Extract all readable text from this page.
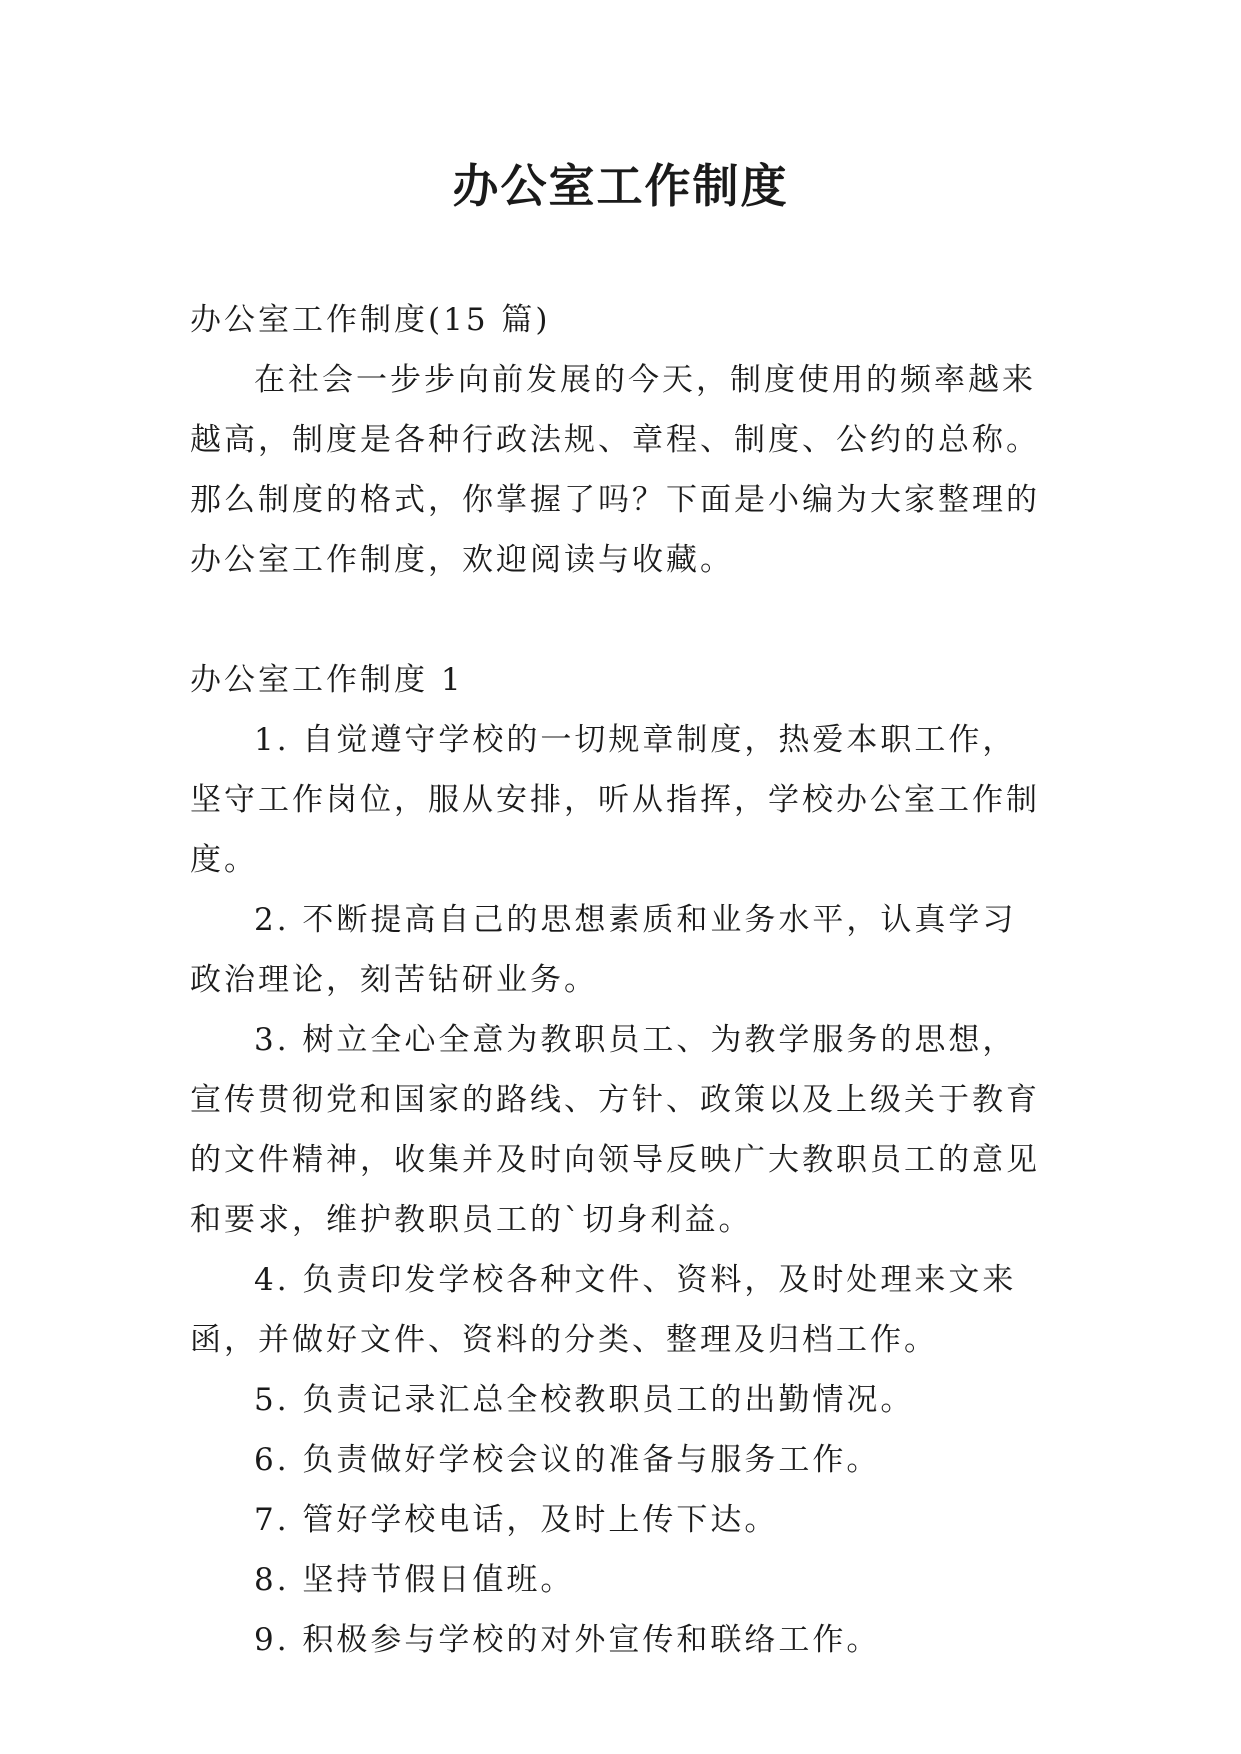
办公室工作制度

办公室工作制度(15 篇)

在社会一步步向前发展的今天，制度使用的频率越来越高，制度是各种行政法规、章程、制度、公约的总称。那么制度的格式，你掌握了吗？下面是小编为大家整理的办公室工作制度，欢迎阅读与收藏。

办公室工作制度 1

1. 自觉遵守学校的一切规章制度，热爱本职工作，坚守工作岗位，服从安排，听从指挥，学校办公室工作制度。

2. 不断提高自己的思想素质和业务水平，认真学习政治理论，刻苦钻研业务。

3. 树立全心全意为教职员工、为教学服务的思想，宣传贯彻党和国家的路线、方针、政策以及上级关于教育的文件精神，收集并及时向领导反映广大教职员工的意见和要求，维护教职员工的`切身利益。

4. 负责印发学校各种文件、资料，及时处理来文来函，并做好文件、资料的分类、整理及归档工作。

5. 负责记录汇总全校教职员工的出勤情况。

6. 负责做好学校会议的准备与服务工作。

7. 管好学校电话，及时上传下达。

8. 坚持节假日值班。

9. 积极参与学校的对外宣传和联络工作。
